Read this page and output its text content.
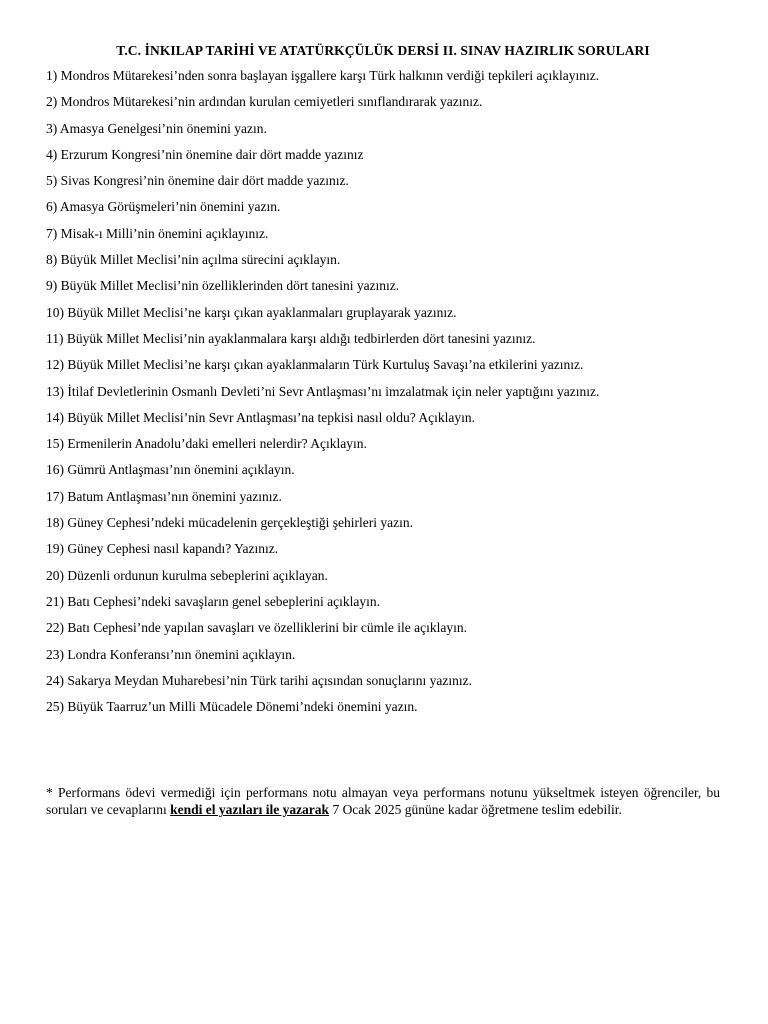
T.C. İNKILAP TARİHİ VE ATATÜRKÇÜLÜK DERSİ II. SINAV HAZIRLIK SORULARI
1) Mondros Mütarekesi’nden sonra başlayan işgallere karşı Türk halkının verdiği tepkileri açıklayınız.
2) Mondros Mütarekesi’nin ardından kurulan cemiyetleri sınıflandırarak yazınız.
3) Amasya Genelgesi’nin önemini yazın.
4) Erzurum Kongresi’nin önemine dair dört madde yazınız
5) Sivas Kongresi’nin önemine dair dört madde yazınız.
6) Amasya Görüşmeleri’nin önemini yazın.
7) Misak-ı Milli’nin önemini açıklayınız.
8) Büyük Millet Meclisi’nin açılma sürecini açıklayın.
9) Büyük Millet Meclisi’nin özelliklerinden dört tanesini yazınız.
10) Büyük Millet Meclisi’ne karşı çıkan ayaklanmaları gruplayarak yazınız.
11) Büyük Millet Meclisi’nin ayaklanmalara karşı aldığı tedbirlerden dört tanesini yazınız.
12) Büyük Millet Meclisi’ne karşı çıkan ayaklanmaların Türk Kurtuluş Savaşı’na etkilerini yazınız.
13) İtilaf Devletlerinin Osmanlı Devleti’ni Sevr Antlaşması’nı imzalatmak için neler yaptığını yazınız.
14) Büyük Millet Meclisi’nin Sevr Antlaşması’na tepkisi nasıl oldu? Açıklayın.
15) Ermenilerin Anadolu’daki emelleri nelerdir? Açıklayın.
16) Gümrü Antlaşması’nın önemini açıklayın.
17) Batum Antlaşması’nın önemini yazınız.
18) Güney Cephesi’ndeki mücadelenin gerçekleştiği şehirleri yazın.
19) Güney Cephesi nasıl kapandı? Yazınız.
20) Düzenli ordunun kurulma sebeplerini açıklayan.
21) Batı Cephesi’ndeki savaşların genel sebeplerini açıklayın.
22) Batı Cephesi’nde yapılan savaşları ve özelliklerini bir cümle ile açıklayın.
23) Londra Konferansı’nın önemini açıklayın.
24) Sakarya Meydan Muharebesi’nin Türk tarihi açısından sonuçlarını yazınız.
25) Büyük Taarruz’un Milli Mücadele Dönemi’ndeki önemini yazın.

* Performans ödevi vermediği için performans notu almayan veya performans notunu yükseltmek isteyen öğrenciler, bu soruları ve cevaplarını kendi el yazıları ile yazarak 7 Ocak 2025 gününe kadar öğretmene teslim edebilir.
